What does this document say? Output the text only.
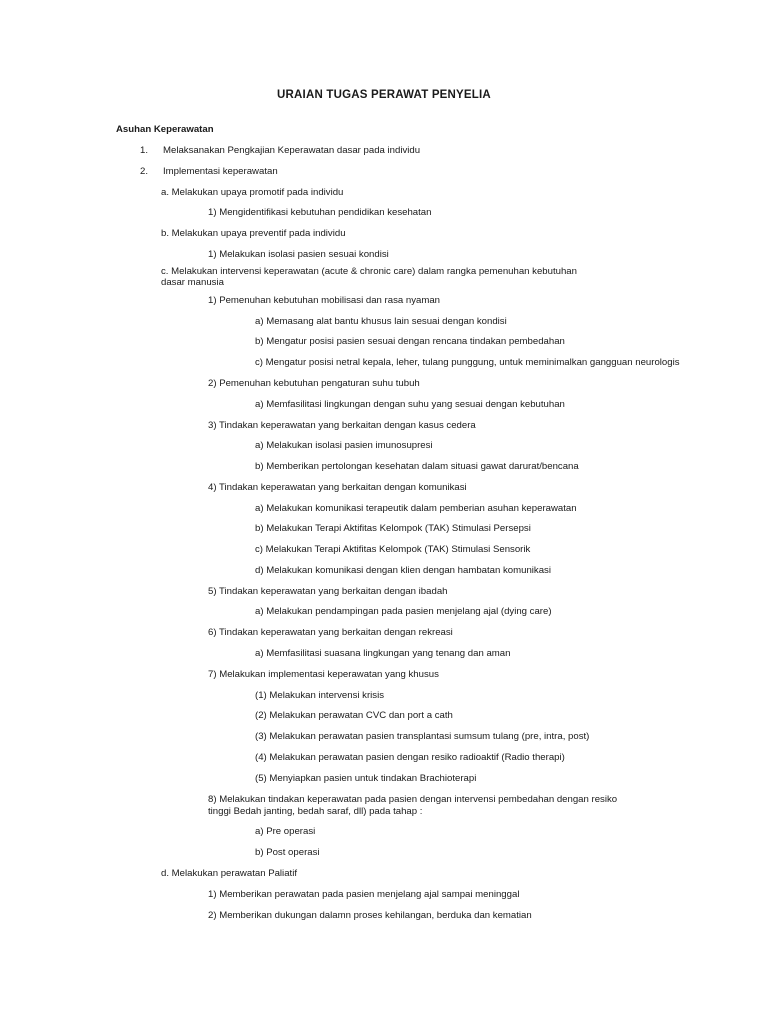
URAIAN TUGAS PERAWAT PENYELIA
Asuhan Keperawatan
1. Melaksanakan Pengkajian Keperawatan dasar pada individu
2. Implementasi keperawatan
a. Melakukan upaya promotif pada individu
1) Mengidentifikasi kebutuhan pendidikan kesehatan
b. Melakukan upaya preventif pada individu
1) Melakukan isolasi pasien sesuai kondisi
c. Melakukan intervensi keperawatan (acute & chronic care) dalam rangka pemenuhan kebutuhan
dasar manusia
1) Pemenuhan kebutuhan mobilisasi dan rasa nyaman
a) Memasang alat bantu khusus lain sesuai dengan kondisi
b) Mengatur posisi pasien sesuai dengan rencana tindakan pembedahan
c) Mengatur posisi netral kepala, leher, tulang punggung, untuk meminimalkan gangguan neurologis
2) Pemenuhan kebutuhan pengaturan suhu tubuh
a) Memfasilitasi lingkungan dengan suhu yang sesuai dengan kebutuhan
3) Tindakan keperawatan yang berkaitan dengan kasus cedera
a) Melakukan isolasi pasien imunosupresi
b) Memberikan pertolongan kesehatan dalam situasi gawat darurat/bencana
4) Tindakan keperawatan yang berkaitan dengan komunikasi
a) Melakukan komunikasi terapeutik dalam pemberian asuhan keperawatan
b) Melakukan Terapi Aktifitas Kelompok (TAK) Stimulasi Persepsi
c) Melakukan Terapi Aktifitas Kelompok (TAK) Stimulasi Sensorik
d) Melakukan komunikasi dengan klien dengan hambatan komunikasi
5) Tindakan keperawatan yang berkaitan dengan ibadah
a) Melakukan pendampingan pada pasien menjelang ajal (dying care)
6) Tindakan keperawatan yang berkaitan dengan rekreasi
a) Memfasilitasi suasana lingkungan yang tenang dan aman
7) Melakukan implementasi keperawatan yang khusus
(1) Melakukan intervensi krisis
(2) Melakukan perawatan CVC dan port a cath
(3) Melakukan perawatan pasien transplantasi sumsum tulang (pre, intra, post)
(4) Melakukan perawatan pasien dengan resiko radioaktif (Radio therapi)
(5) Menyiapkan pasien untuk tindakan Brachioterapi
8) Melakukan tindakan keperawatan pada pasien dengan intervensi pembedahan dengan resiko
tinggi Bedah janting, bedah saraf, dll) pada tahap :
a) Pre operasi
b) Post operasi
d. Melakukan perawatan Paliatif
1) Memberikan perawatan pada pasien menjelang ajal sampai meninggal
2) Memberikan dukungan dalamn proses kehilangan, berduka dan kematian
